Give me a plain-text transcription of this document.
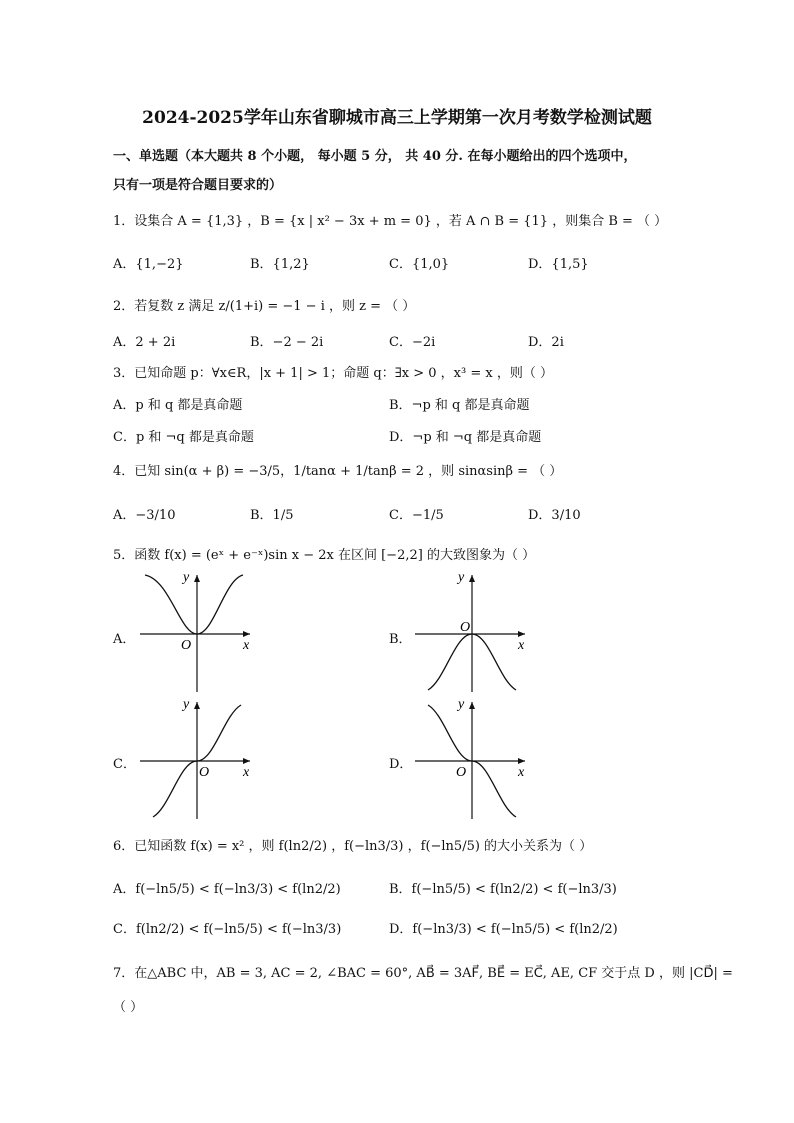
2024-2025学年山东省聊城市高三上学期第一次月考数学检测试题
一、单选题（本大题共 8 个小题， 每小题 5 分， 共 40 分. 在每小题给出的四个选项中，
只有一项是符合题目要求的）
1．设集合 A = {1,3} ，B = {x | x² − 3x + m = 0} ，若 A ∩ B = {1} ，则集合 B = （ ）
A．{1,−2}	B．{1,2}	C．{1,0}	D．{1,5}
2．若复数 z 满足 z/(1+i) = −1 − i ，则 z = （ ）
A．2 + 2i	B．−2 − 2i	C．−2i	D．2i
3．已知命题 p：∀x∈R，|x + 1| > 1；命题 q：∃x > 0 ，x³ = x ，则（ ）
A．p 和 q 都是真命题	B．¬p 和 q 都是真命题
C．p 和 ¬q 都是真命题	D．¬p 和 ¬q 都是真命题
4．已知 sin(α + β) = −3/5，1/tanα + 1/tanβ = 2 ，则 sinαsinβ = （ ）
A．−3/10	B．1/5	C．−1/5	D．3/10
5．函数 f(x) = (eˣ + e⁻ˣ)sin x − 2x 在区间 [−2,2] 的大致图象为（ ）
A．
y
x
O	B．
y
x
O
C．
y
x
O
D．
y
x
O
6．已知函数 f(x) = x² ，则 f(ln2/2) ，f(−ln3/3) ，f(−ln5/5) 的大小关系为（ ）
A．f(−ln5/5) < f(−ln3/3) < f(ln2/2)	B．f(−ln5/5) < f(ln2/2) < f(−ln3/3)
C．f(ln2/2) < f(−ln5/5) < f(−ln3/3)	D．f(−ln3/3) < f(−ln5/5) < f(ln2/2)
7．在△ABC 中，AB = 3, AC = 2, ∠BAC = 60°, AB⃗ = 3AF⃗, BE⃗ = EC⃗, AE, CF 交于点 D ，则 |CD⃗| =
（ ）
